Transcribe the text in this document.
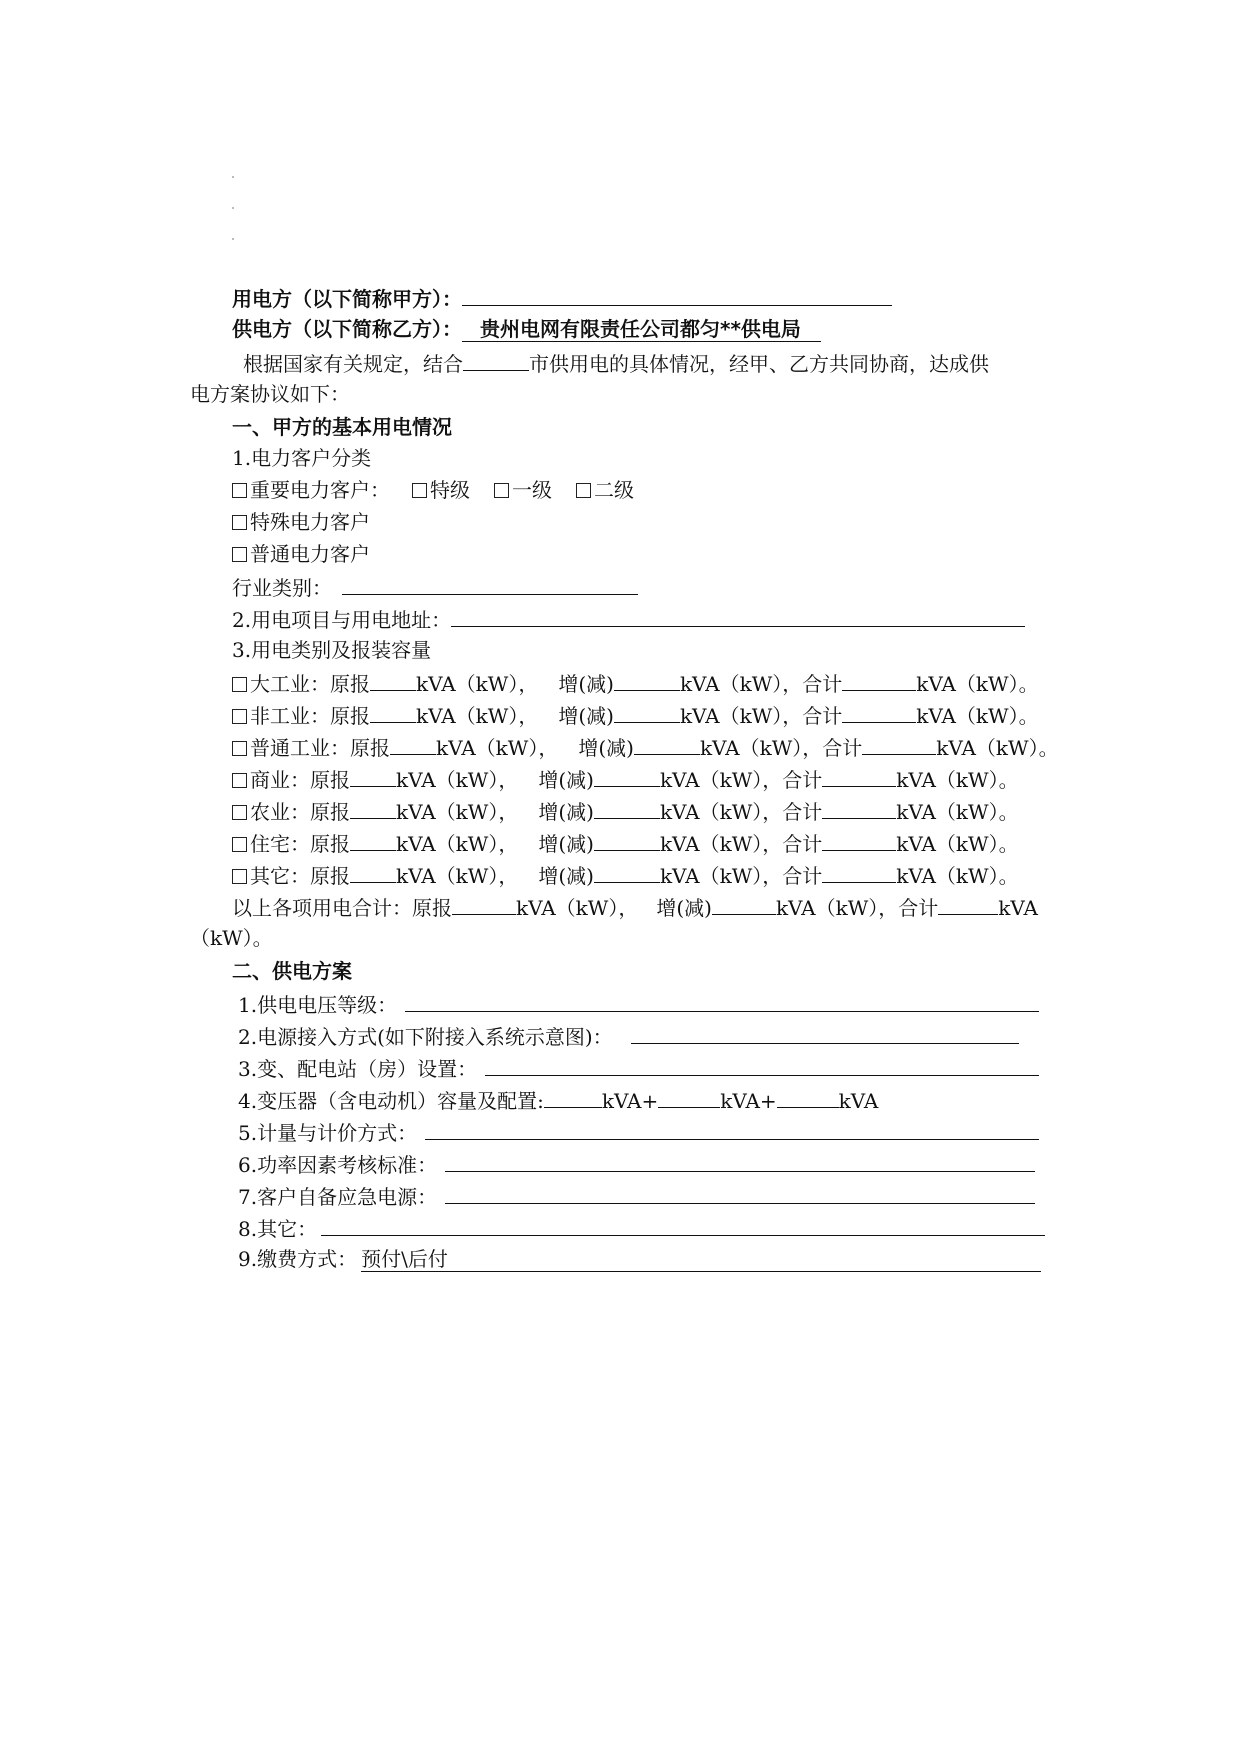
用电方（以下简称甲方）：
供电方（以下简称乙方）： 贵州电网有限责任公司都匀**供电局
根据国家有关规定，结合	市供用电的具体情况，经甲、乙方共同协商，达成供
电方案协议如下：
一、甲方的基本用电情况
1.电力客户分类
重要电力客户： 特级 一级 二级
特殊电力客户
普通电力客户
行业类别：
2.用电项目与用电地址：
3.用电类别及报装容量
大工业：原报 kVA（kW）， 增(减)	kVA（kW），合计	kVA（kW）。
非工业：原报 kVA（kW）， 增(减)	kVA（kW），合计	kVA（kW）。
普通工业：原报 kVA（kW）， 增(减)	kVA（kW），合计	kVA（kW）。
商业：原报 kVA（kW）， 增(减)	kVA（kW），合计	kVA（kW）。
农业：原报 kVA（kW）， 增(减)	kVA（kW），合计	kVA（kW）。
住宅：原报 kVA（kW）， 增(减)	kVA（kW），合计	kVA（kW）。
其它：原报 kVA（kW）， 增(减)	kVA（kW），合计	kVA（kW）。
以上各项用电合计：原报	kVA（kW）， 增(减)	kVA（kW），合计	kVA
（kW）。
二、供电方案
1.供电电压等级：
2.电源接入方式(如下附接入系统示意图)：
3.变、配电站（房）设置：
4.变压器（含电动机）容量及配置:	kVA+	kVA+	kVA
5.计量与计价方式：
6.功率因素考核标准：
7.客户自备应急电源：
8.其它：
9.缴费方式： 预付\后付
